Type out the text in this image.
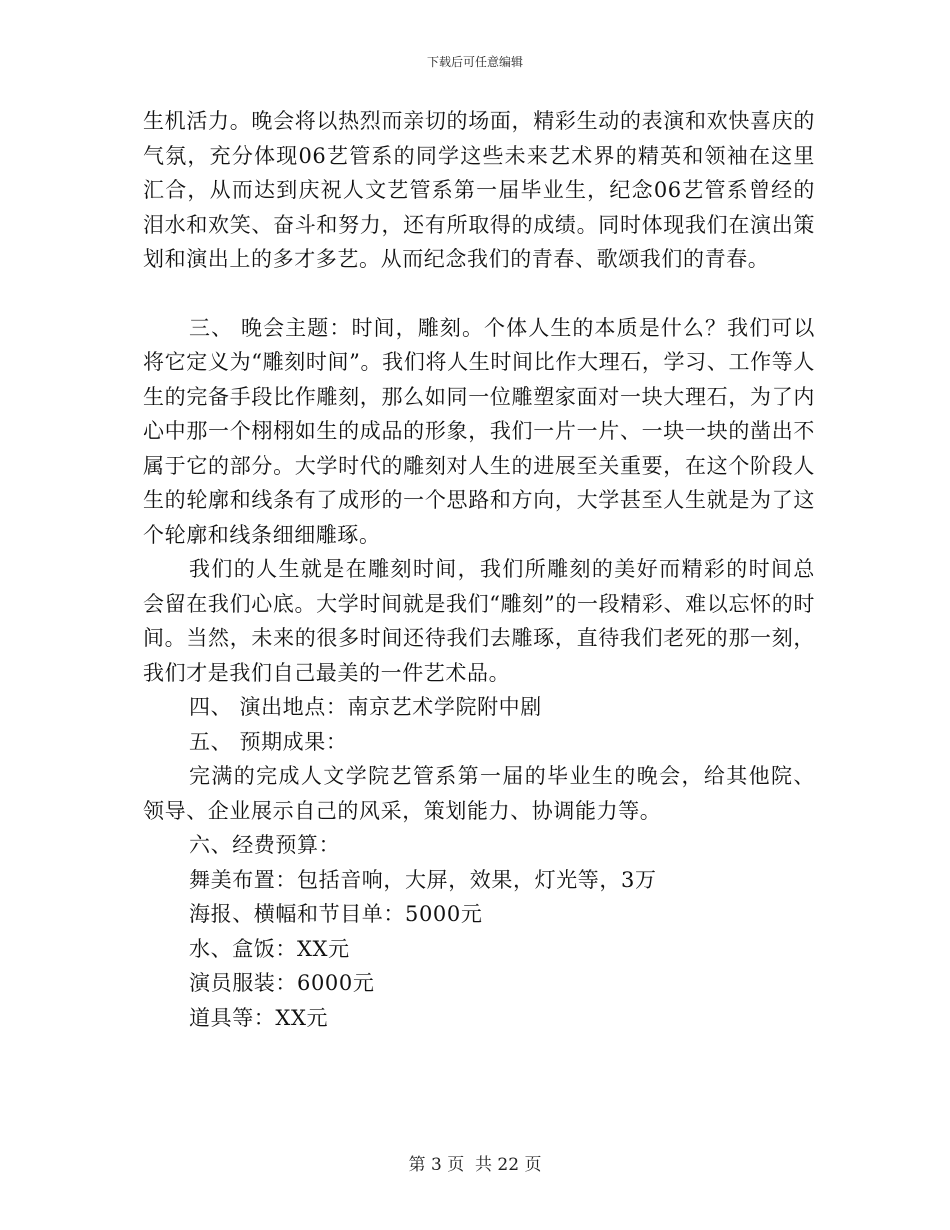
下载后可任意编辑

生机活力。晚会将以热烈而亲切的场面，精彩生动的表演和欢快喜庆的气氛，充分体现06艺管系的同学这些未来艺术界的精英和领袖在这里汇合，从而达到庆祝人文艺管系第一届毕业生，纪念06艺管系曾经的泪水和欢笑、奋斗和努力，还有所取得的成绩。同时体现我们在演出策划和演出上的多才多艺。从而纪念我们的青春、歌颂我们的青春。

三、 晚会主题：时间，雕刻。个体人生的本质是什么？我们可以将它定义为“雕刻时间”。我们将人生时间比作大理石，学习、工作等人生的完备手段比作雕刻，那么如同一位雕塑家面对一块大理石，为了内心中那一个栩栩如生的成品的形象，我们一片一片、一块一块的凿出不属于它的部分。大学时代的雕刻对人生的进展至关重要，在这个阶段人生的轮廓和线条有了成形的一个思路和方向，大学甚至人生就是为了这个轮廓和线条细细雕琢。

我们的人生就是在雕刻时间，我们所雕刻的美好而精彩的时间总会留在我们心底。大学时间就是我们“雕刻”的一段精彩、难以忘怀的时间。当然，未来的很多时间还待我们去雕琢，直待我们老死的那一刻，我们才是我们自己最美的一件艺术品。

四、 演出地点：南京艺术学院附中剧

五、 预期成果：

完满的完成人文学院艺管系第一届的毕业生的晚会，给其他院、领导、企业展示自己的风采，策划能力、协调能力等。

六、经费预算：

舞美布置：包括音响，大屏，效果，灯光等，3万

海报、横幅和节目单：5000元

水、盒饭：XX元

演员服装：6000元

道具等：XX元

第 3 页  共 22 页
